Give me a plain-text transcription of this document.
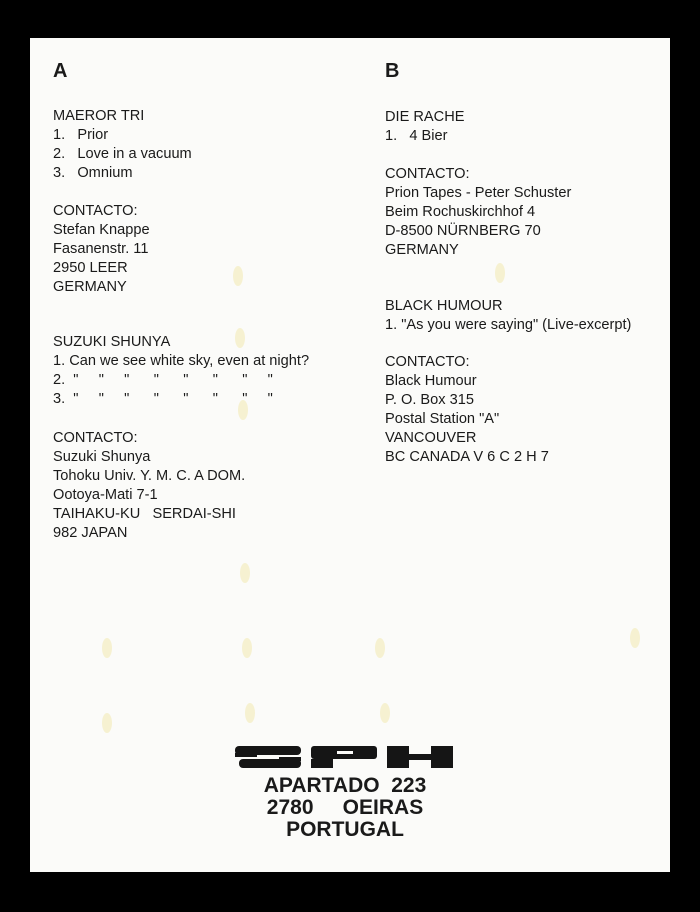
A
MAEROR TRI
1.   Prior
2.   Love in a vacuum
3.   Omnium
CONTACTO:
Stefan Knappe
Fasanenstr. 11
2950 LEER
GERMANY
SUZUKI SHUNYA
1. Can we see white sky, even at night?
2.  "     "     "      "      "      "      "     "
3.  "     "     "      "      "      "      "     "
CONTACTO:
Suzuki Shunya
Tohoku Univ. Y. M. C. A DOM.
Ootoya-Mati 7-1
TAIHAKU-KU   SERDAI-SHI
982 JAPAN
B
DIE RACHE
1.   4 Bier
CONTACTO:
Prion Tapes - Peter Schuster
Beim Rochuskirchhof 4
D-8500 NÜRNBERG 70
GERMANY
BLACK HUMOUR
1. "As you were saying" (Live-excerpt)
CONTACTO:
Black Humour
P. O. Box 315
Postal Station "A"
VANCOUVER
BC CANADA V 6 C 2 H 7
APARTADO  223
2780     OEIRAS
PORTUGAL
